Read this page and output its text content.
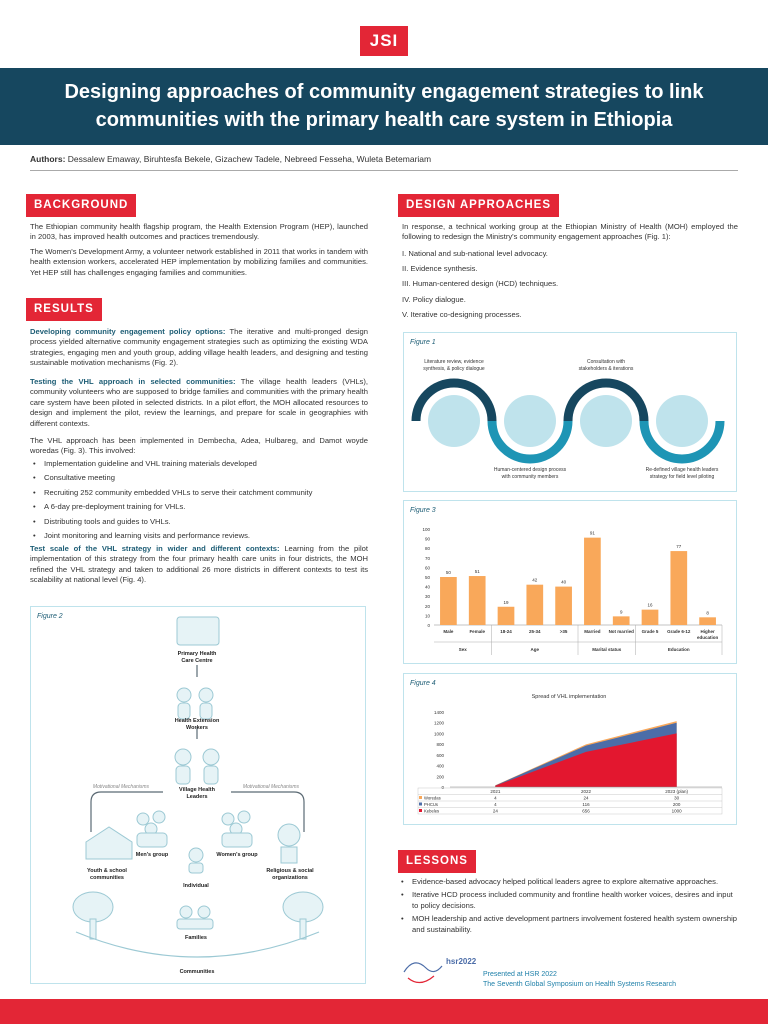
JSI
Designing approaches of community engagement strategies to link
communities with the primary health care system in Ethiopia
Authors: Dessalew Emaway, Biruhtesfa Bekele, Gizachew Tadele, Nebreed Fesseha, Wuleta Betemariam
BACKGROUND
The Ethiopian community health flagship program, the Health Extension Program (HEP), launched in 2003, has improved health outcomes and practices tremendously.
The Women's Development Army, a volunteer network established in 2011 that works in tandem with health extension workers, accelerated HEP implementation by mobilizing families and communities. Yet HEP still has challenges engaging families and communities.
RESULTS
Developing community engagement policy options: The iterative and multi-pronged design process yielded alternative community engagement strategies such as optimizing the existing WDA strategies, engaging men and youth group, adding village health leaders, and designing and testing sustainable motivation mechanisms (Fig. 2).
Testing the VHL approach in selected communities: The village health leaders (VHLs), community volunteers who are supposed to bridge families and communities with the primary health care system have been piloted in selected districts. In a pilot effort, the MOH allocated resources to design and implement the pilot, review the learnings, and prepare for scale in geographies with different contexts.
The VHL approach has been implemented in Dembecha, Adea, Hulbareg, and Damot woyde woredas (Fig. 3). This involved:
• Implementation guideline and VHL training materials developed
• Consultative meeting
• Recruiting 252 community embedded VHLs to serve their catchment community
• A 6-day pre-deployment training for VHLs.
• Distributing tools and guides to VHLs.
• Joint monitoring and learning visits and performance reviews.
Test scale of the VHL strategy in wider and different contexts: Learning from the pilot implementation of this strategy from the four primary health care units in four districts, the MOH refined the VHL strategy and taken to additional 26 more districts in different contexts to test its scalability at national level (Fig. 4).
Figure 2
Primary Health
Care Centre
Health Extension
Workers
Village Health
Leaders
Men's group	Women's group
Youth & school
communities
Religious & social
organizations
Individual
Families
Communities
Motivational Mechanisms	Motivational Mechanisms
DESIGN APPROACHES
In response, a technical working group at the Ethiopian Ministry of Health (MOH) employed the following to redesign the Ministry's community engagement approaches (Fig. 1):
I. National and sub-national level advocacy.
II. Evidence synthesis.
III. Human-centered design (HCD) techniques.
IV. Policy dialogue.
V. Iterative co-designing processes.
Figure 1
Literature review, evidence
synthesis, & policy dialogue
Consultation with
stakeholders & iterations
Human-centered design process
with community members
Re-defined village health leaders
strategy for field level piloting
Figure 3
0
10
20
30
40
50
60
70
80
90
100
50
Male
51
Female
19
18-24
42
25-34
40
>35
91
Married
9
Not married
16
Grade 5
77
Grade 6-12
8
Higher
education
Sex	Age	Marital status	Education
Figure 4
Spread of VHL implementation
0
200
400
600
800
1000
1200
1400
2021	2022	2023 (plan)
Woredas	4	24	30
PHCUs	4	116	200
Kebeles	24	656	1000
LESSONS
• Evidence-based advocacy helped political leaders agree to explore alternative approaches.
• Iterative HCD process included community and frontline health worker voices, desires and input to policy decisions.
• MOH leadership and active development partners involvement fostered health system ownership and sustainability.
hsr2022
Presented at HSR 2022
The Seventh Global Symposium on Health Systems Research
